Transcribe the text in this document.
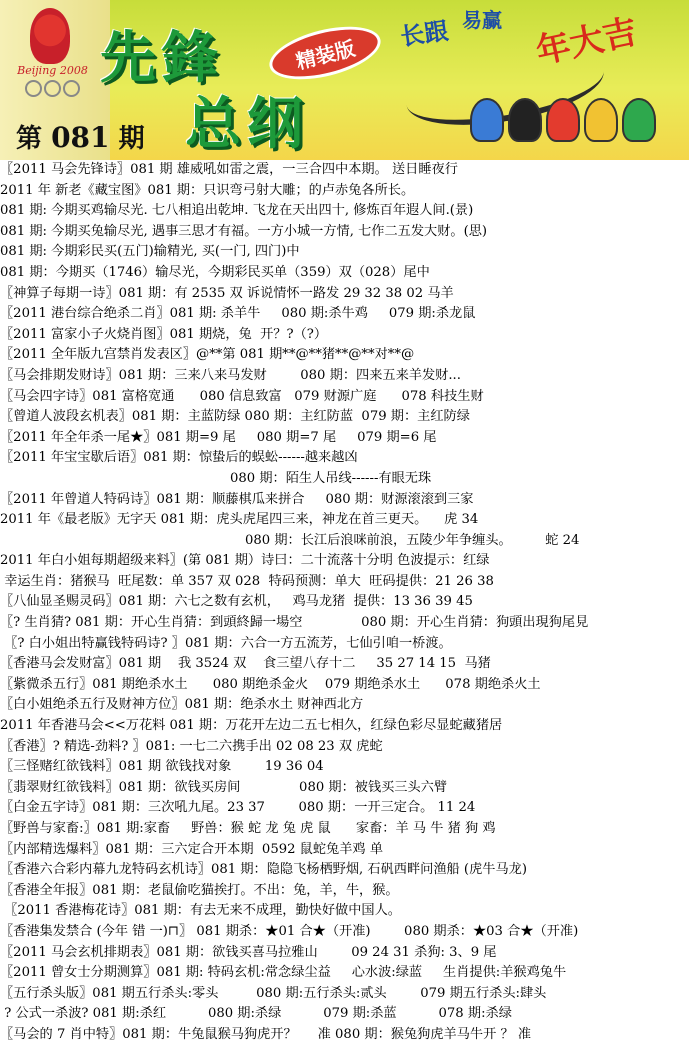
Beijing 2008 先鋒	精装版
总纲
第 081 期
长跟 易赢 年大吉
〖2011 马会先锋诗〗081 期 雄威吼如雷之震，一三合四中本期。 送日睡夜行
2011 年 新老《藏宝图》081 期：只识弯弓射大雕；的卢赤兔各所长。
081 期: 今期买鸡输尽光. 七八相追出乾坤. 飞龙在天出四十, 修炼百年遐人间.(景)
081 期: 今期买兔输尽光, 遇事三思才有福。一方小城一方情, 七作二五发大财。(思)
081 期: 今期彩民买(五门)输精光, 买(一门, 四门)中
081 期：今期买（1746）输尽光，今期彩民买单（359）双（028）尾中
〖神算子每期一诗〗081 期：有 2535 双 诉说情怀一路发 29 32 38 02 马羊
〖2011 港台综合绝杀二肖〗081 期: 杀羊牛     080 期:杀牛鸡     079 期:杀龙鼠
〖2011 富家小子火烧肖图〗081 期烧，兔  开？?（?）
〖2011 全年版九宫禁肖发表区〗@**第 081 期**@**猪**@**对**@
〖马会排期发财诗〗081 期：三来八来马发财        080 期：四来五来羊发财...
〖马会四字诗〗081 富格宽通      080 信息致富   079 财源广庭      078 科技生财
〖曾道人波段玄机表〗081 期：主蓝防绿 080 期：主红防蓝  079 期：主红防绿
〖2011 年全年杀一尾★〗081 期=9 尾     080 期=7 尾     079 期=6 尾
〖2011 年宝宝歇后语〗081 期：惊蛰后的蜈蚣------越来越凶
080 期：陌生人吊线------有眼无珠
〖2011 年曾道人特码诗〗081 期：顺藤棋瓜来拼合     080 期：财源滚滚到三家
2011 年《最老版》无字天 081 期：虎头虎尾四三来，神龙在首三更天。    虎 34
080 期：长江后浪咪前浪，五陵少年争缠头。        蛇 24
2011 年白小姐每期超级来料〗(第 081 期）诗曰：二十流落十分明 色波提示：红绿
幸运生肖：猪猴马  旺尾数：单 357 双 028  特码预测：单大  旺码提供：21 26 38
〖八仙显圣赐灵码〗081 期：六七之数有玄机，   鸡马龙猪  提供：13 36 39 45
〖? 生肖猜? 081 期：开心生肖猜：到頭終歸一場空              080 期：开心生肖猜：狗頭出現狗尾見
〖? 白小姐出特赢钱特码诗? 〗081 期：六合一方五流芳，七仙引咱一桥渡。
〖香港马会发财富〗081 期    我 3524 双    食三望八存十二     35 27 14 15  马猪
〖紫微杀五行〗081 期绝杀水土      080 期绝杀金火    079 期绝杀水土      078 期绝杀火土
〖白小姐绝杀五行及财神方位〗081 期：绝杀水土 财神西北方
2011 年香港马会<<万花料 081 期：万花开左边二五七相久，红绿色彩尽显蛇藏猪居
〖香港〗? 精选-劲料? 〗081: 一七二六携手出 02 08 23 双 虎蛇
〖三怪赌红欲钱料〗081 期 欲钱找对象        19 36 04
〖翡翠财红欲钱料〗081 期：欲钱买房间              080 期：被钱买三头六臂
〖白金五字诗〗081 期：三次吼九尾。23 37        080 期：一开三定合。 11 24
〖野兽与家畜:〗081 期:家畜     野兽：猴 蛇 龙 兔 虎 鼠      家畜：羊 马 牛 猪 狗 鸡
〖内部精选爆料〗081 期：三六定合开本期  0592 鼠蛇兔羊鸡 单
〖香港六合彩内幕九龙特码玄机诗〗081 期：隐隐飞杨栖野烟, 石矾西畔问渔船 (虎牛马龙)
〖香港全年报〗081 期：老鼠偷吃猫挨打。不出：兔，羊，牛，猴。
〖2011 香港梅花诗〗081 期：有去无来不成理，勤快好做中国人。
〖香港集发禁合 (今年 错 一)⊓〗 081 期杀：★01 合★（开准)        080 期杀：★03 合★（开准)
〖2011 马会玄机排期表〗081 期：欲钱买喜马拉雅山        09 24 31 杀狗: 3、9 尾
〖2011 曾女士分期测算〗081 期: 特码玄机:常念绿尘益     心水波:绿蓝     生肖提供:羊猴鸡兔牛
〖五行杀头版〗081 期五行杀头:零头         080 期:五行杀头:贰头        079 期五行杀头:肆头
? 公式一杀波? 081 期:杀红          080 期:杀绿          079 期:杀蓝          078 期:杀绿
〖马会的 7 肖中特〗081 期：牛兔鼠猴马狗虎开？     准 080 期：猴兔狗虎羊马牛开 ？ 准
